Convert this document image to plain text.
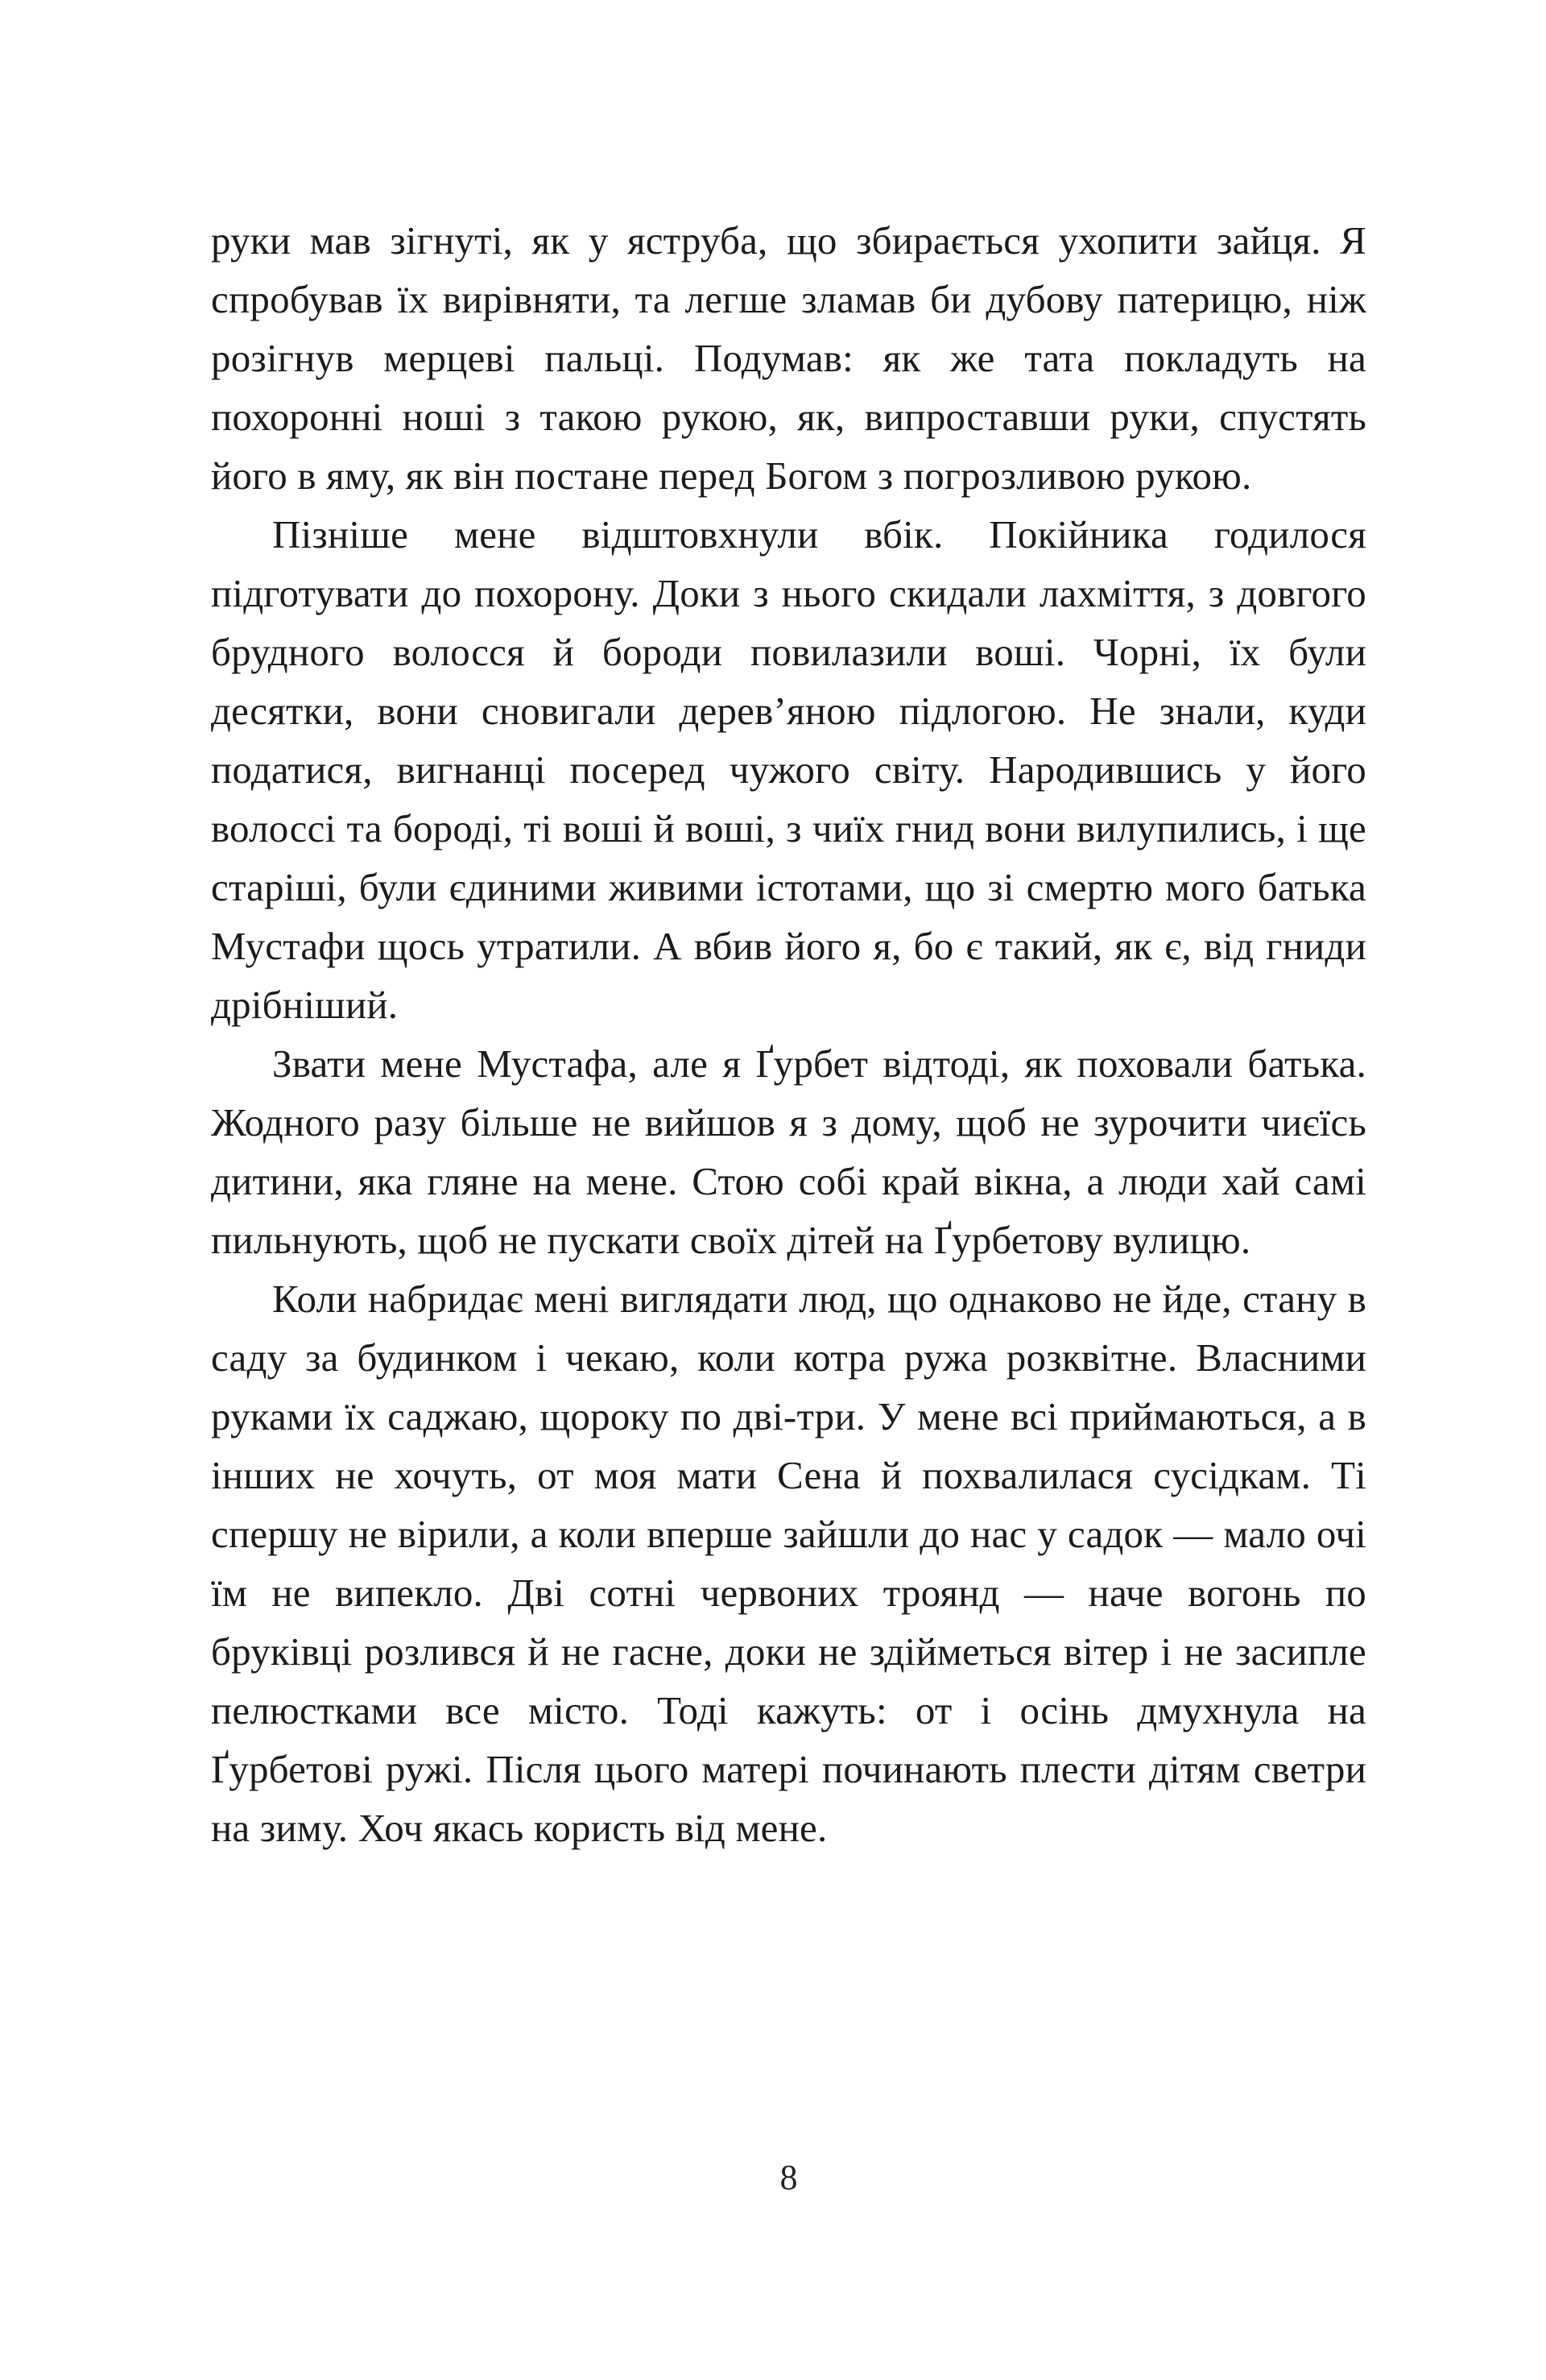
руки мав зігнуті, як у яструба, що збирається ухопити зайця. Я спробував їх вирівняти, та легше зламав би дубову патерицю, ніж розігнув мерцеві пальці. Подумав: як же тата покладуть на похоронні ноші з такою рукою, як, випроставши руки, спустять його в яму, як він постане перед Богом з погрозливою рукою.

Пізніше мене відштовхнули вбік. Покійника годилося підготувати до похорону. Доки з нього скидали лахміття, з довгого брудного волосся й бороди повилазили воші. Чорні, їх були десятки, вони сновигали дерев’яною підлогою. Не знали, куди податися, вигнанці посеред чужого світу. Народившись у його волоссі та бороді, ті воші й воші, з чиїх гнид вони вилупились, і ще старіші, були єдиними живими істотами, що зі смертю мого батька Мустафи щось утратили. А вбив його я, бо є такий, як є, від гниди дрібніший.

Звати мене Мустафа, але я Ґурбет відтоді, як поховали батька. Жодного разу більше не вийшов я з дому, щоб не зурочити чиєїсь дитини, яка гляне на мене. Стою собі край вікна, а люди хай самі пильнують, щоб не пускати своїх дітей на Ґурбетову вулицю.

Коли набридає мені виглядати люд, що однаково не йде, стану в саду за будинком і чекаю, коли котра ружа розквітне. Власними руками їх саджаю, щороку по дві-три. У мене всі приймаються, а в інших не хочуть, от моя мати Сена й похвалилася сусідкам. Ті спершу не вірили, а коли вперше зайшли до нас у садок — мало очі їм не випекло. Дві сотні червоних троянд — наче вогонь по бруківці розлився й не гасне, доки не здійметься вітер і не засипле пелюстками все місто. Тоді кажуть: от і осінь дмухнула на Ґурбетові ружі. Після цього матері починають плести дітям светри на зиму. Хоч якась користь від мене.

8
